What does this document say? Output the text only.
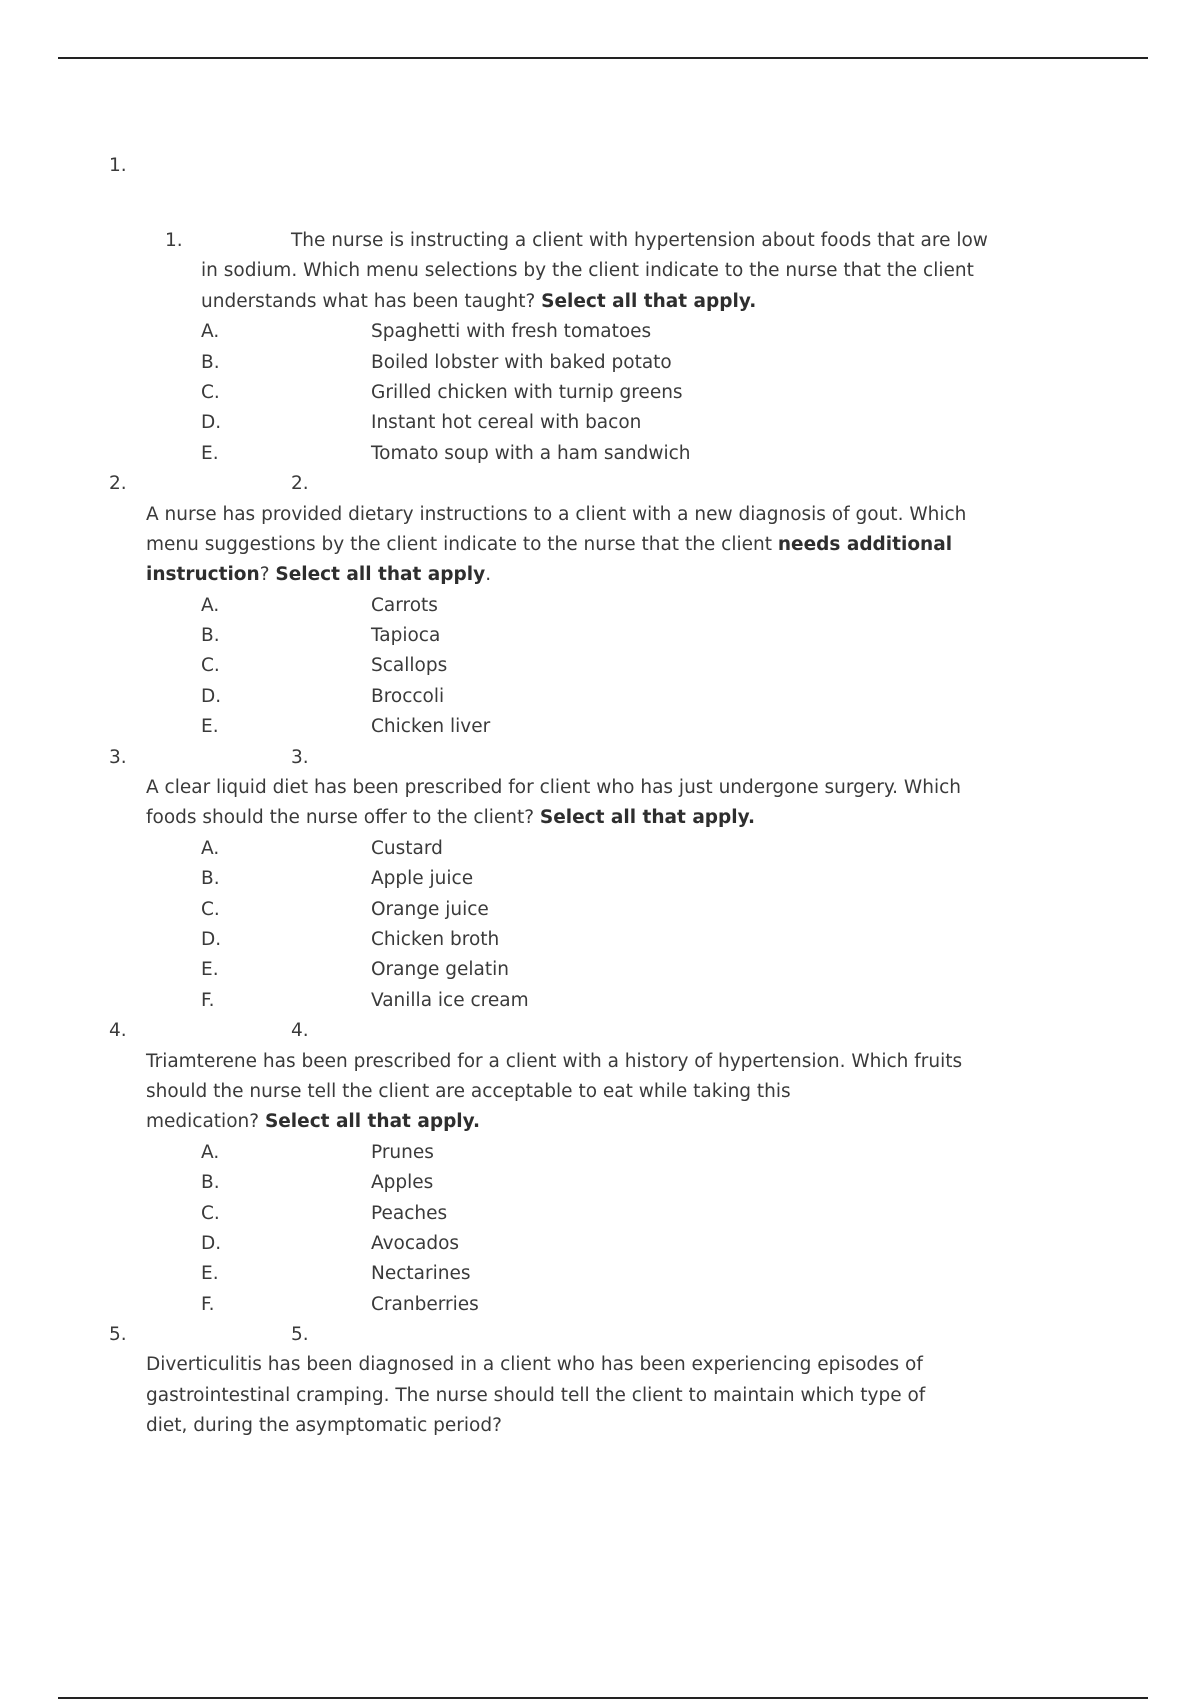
1.
1.	The nurse is instructing a client with hypertension about foods that are low
in sodium. Which menu selections by the client indicate to the nurse that the client
understands what has been taught? Select all that apply.
A.	Spaghetti with fresh tomatoes
B.	Boiled lobster with baked potato
C.	Grilled chicken with turnip greens
D.	Instant hot cereal with bacon
E.	Tomato soup with a ham sandwich
2.	2.
A nurse has provided dietary instructions to a client with a new diagnosis of gout. Which
menu suggestions by the client indicate to the nurse that the client needs additional
instruction? Select all that apply.
A.	Carrots
B.	Tapioca
C.	Scallops
D.	Broccoli
E.	Chicken liver
3.	3.
A clear liquid diet has been prescribed for client who has just undergone surgery. Which
foods should the nurse offer to the client? Select all that apply.
A.	Custard
B.	Apple juice
C.	Orange juice
D.	Chicken broth
E.	Orange gelatin
F.	Vanilla ice cream
4.	4.
Triamterene has been prescribed for a client with a history of hypertension. Which fruits
should the nurse tell the client are acceptable to eat while taking this
medication? Select all that apply.
A.	Prunes
B.	Apples
C.	Peaches
D.	Avocados
E.	Nectarines
F.	Cranberries
5.	5.
Diverticulitis has been diagnosed in a client who has been experiencing episodes of
gastrointestinal cramping. The nurse should tell the client to maintain which type of
diet, during the asymptomatic period?
